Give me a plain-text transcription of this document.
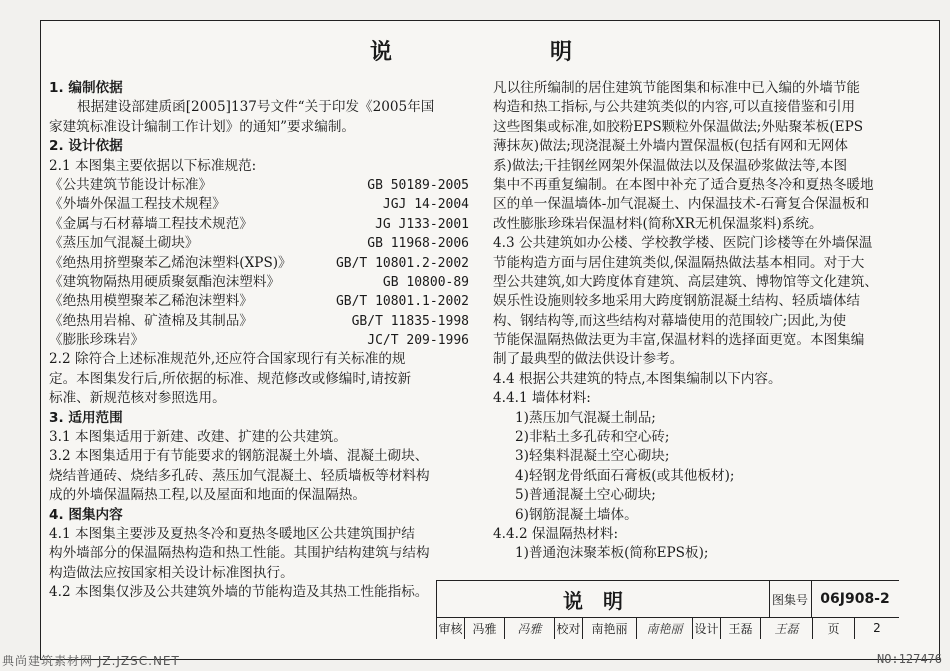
说　　明
1. 编制依据
根据建设部建质函[2005]137号文件“关于印发《2005年国
家建筑标准设计编制工作计划》的通知”要求编制。
2. 设计依据
2.1 本图集主要依据以下标准规范:
《公共建筑节能设计标准》	GB 50189-2005
《外墙外保温工程技术规程》	JGJ 14-2004
《金属与石材幕墙工程技术规范》	JG J133-2001
《蒸压加气混凝土砌块》	GB 11968-2006
《绝热用挤塑聚苯乙烯泡沫塑料(XPS)》	GB/T 10801.2-2002
《建筑物隔热用硬质聚氨酯泡沫塑料》	GB 10800-89
《绝热用模塑聚苯乙稀泡沫塑料》	GB/T 10801.1-2002
《绝热用岩棉、矿渣棉及其制品》	GB/T 11835-1998
《膨胀珍珠岩》	JC/T 209-1996
2.2 除符合上述标准规范外,还应符合国家现行有关标准的规
定。本图集发行后,所依据的标准、规范修改或修编时,请按新
标准、新规范核对参照选用。
3. 适用范围
3.1 本图集适用于新建、改建、扩建的公共建筑。
3.2 本图集适用于有节能要求的钢筋混凝土外墙、混凝土砌块、
烧结普通砖、烧结多孔砖、蒸压加气混凝土、轻质墙板等材料构
成的外墙保温隔热工程,以及屋面和地面的保温隔热。
4. 图集内容
4.1 本图集主要涉及夏热冬冷和夏热冬暖地区公共建筑围护结
构外墙部分的保温隔热构造和热工性能。其围护结构建筑与结构
构造做法应按国家相关设计标准图执行。
4.2 本图集仅涉及公共建筑外墙的节能构造及其热工性能指标。
凡以往所编制的居住建筑节能图集和标准中已入编的外墙节能
构造和热工指标,与公共建筑类似的内容,可以直接借鉴和引用
这些图集或标准,如胶粉EPS颗粒外保温做法;外贴聚苯板(EPS
薄抹灰)做法;现浇混凝土外墙内置保温板(包括有网和无网体
系)做法;干挂钢丝网架外保温做法以及保温砂浆做法等,本图
集中不再重复编制。在本图中补充了适合夏热冬冷和夏热冬暖地
区的单一保温墙体-加气混凝土、内保温技术-石膏复合保温板和
改性膨胀珍珠岩保温材料(简称XR无机保温浆料)系统。
4.3 公共建筑如办公楼、学校教学楼、医院门诊楼等在外墙保温
节能构造方面与居住建筑类似,保温隔热做法基本相同。对于大
型公共建筑,如大跨度体育建筑、高层建筑、博物馆等文化建筑、
娱乐性设施则较多地采用大跨度钢筋混凝土结构、轻质墙体结
构、钢结构等,而这些结构对幕墙使用的范围较广;因此,为使
节能保温隔热做法更为丰富,保温材料的选择面更宽。本图集编
制了最典型的做法供设计参考。
4.4 根据公共建筑的特点,本图集编制以下内容。
4.4.1 墙体材料:
1)蒸压加气混凝土制品;
2)非粘土多孔砖和空心砖;
3)轻集料混凝土空心砌块;
4)轻钢龙骨纸面石膏板(或其他板材);
5)普通混凝土空心砌块;
6)钢筋混凝土墙体。
4.4.2 保温隔热材料:
1)普通泡沫聚苯板(简称EPS板);
说明	图集号 06J908-2
审核 冯雅	冯雅	校对 南艳丽	南艳丽 设计 王磊	王磊	页	2
典尚建筑素材网 JZ.JZSC.NET	NO:127476
